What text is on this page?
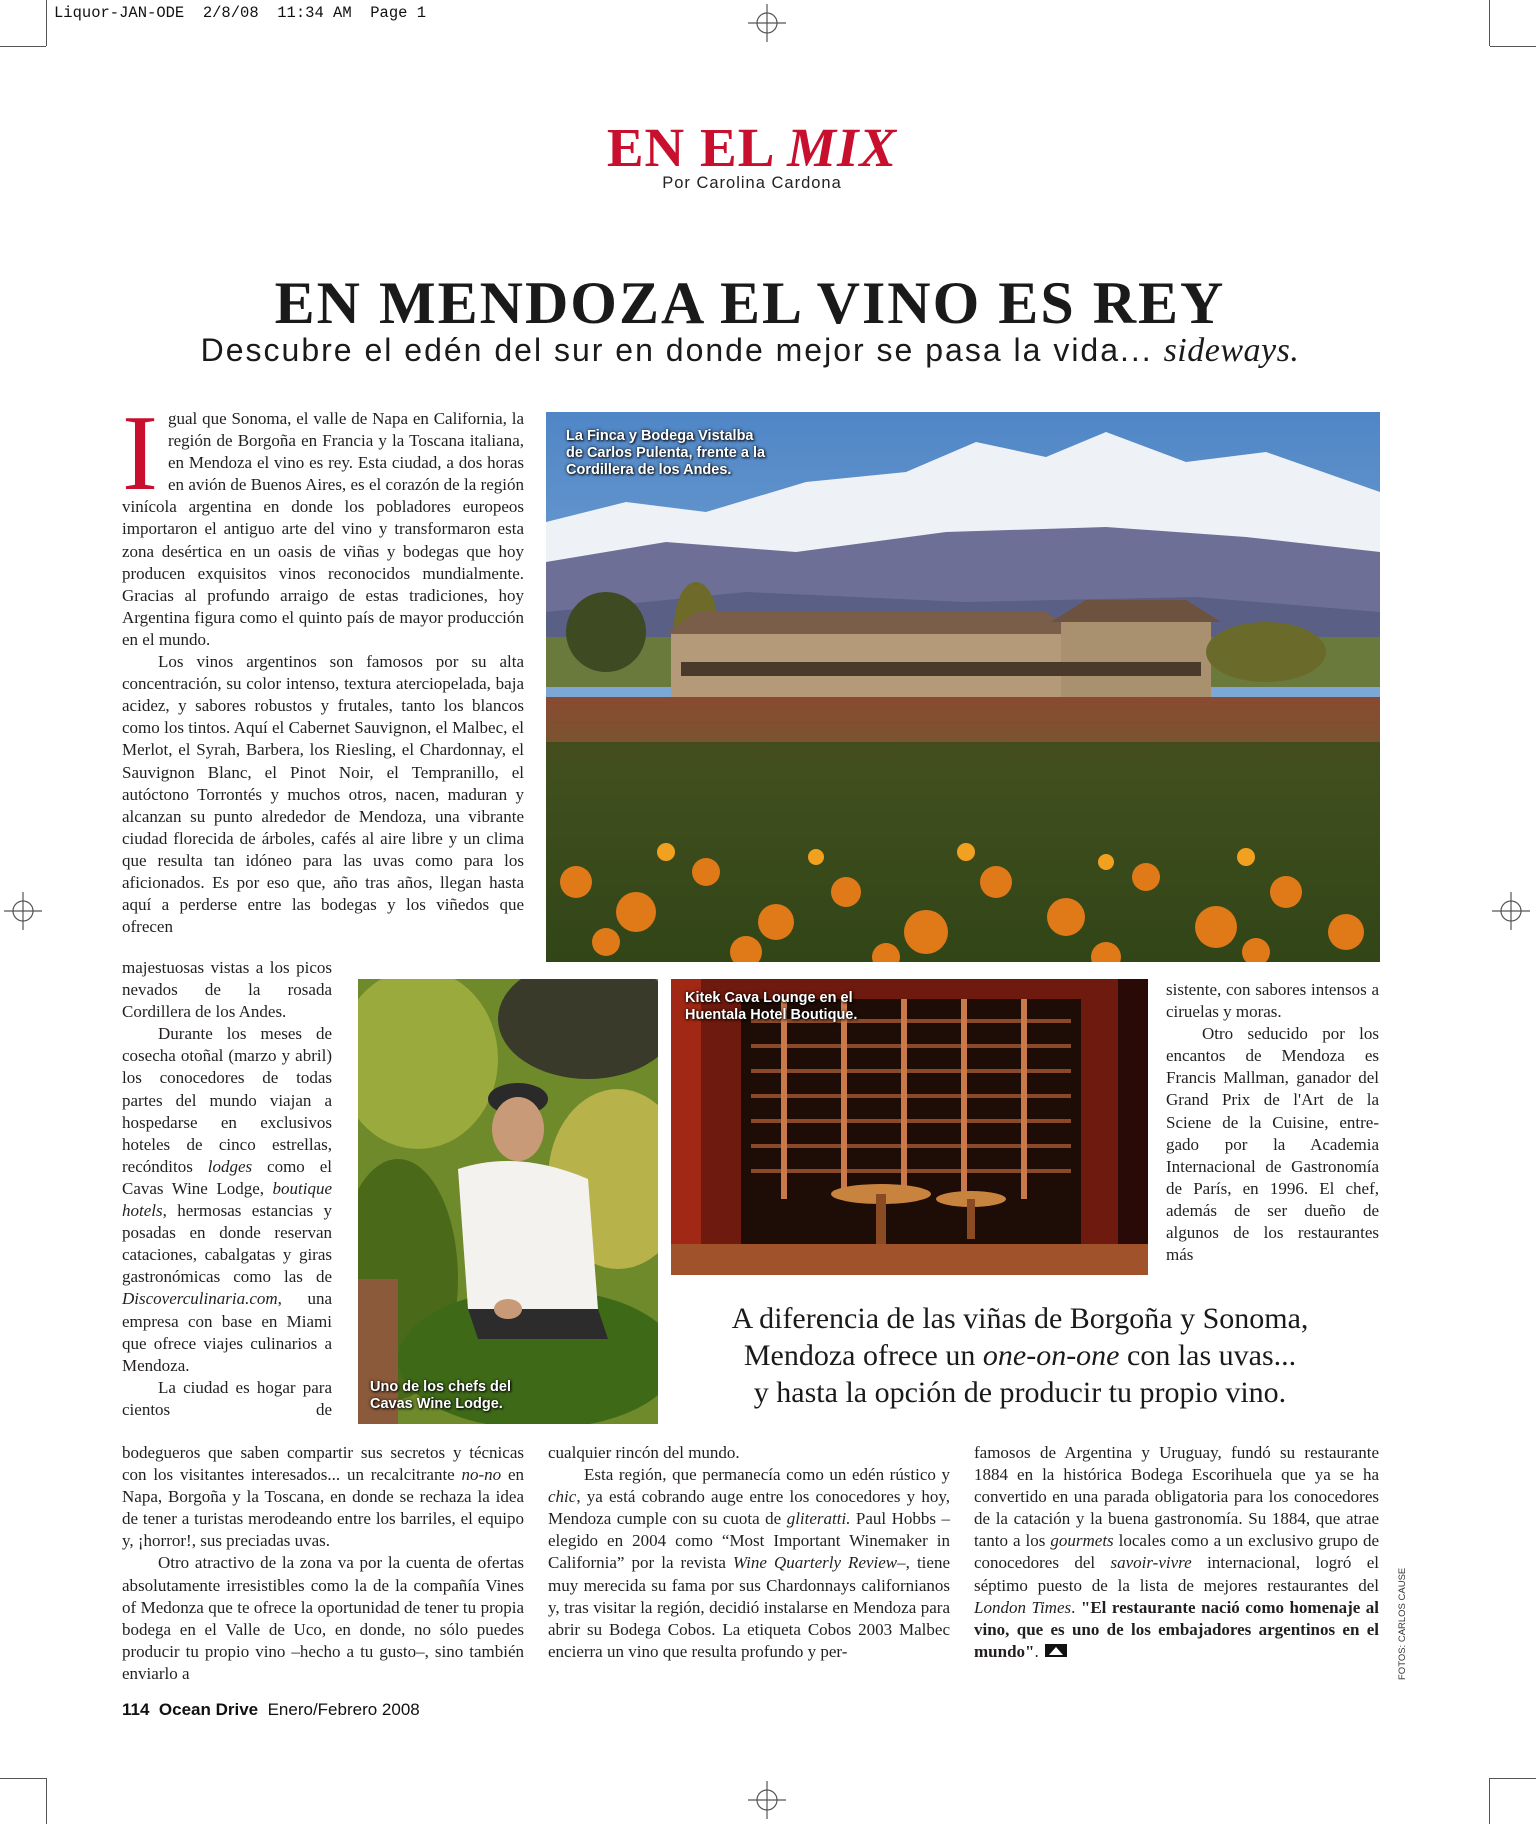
Liquor-JAN-ODE  2/8/08  11:34 AM  Page 1
EN EL MIX
Por Carolina Cardona
EN MENDOZA EL VINO ES REY
Descubre el edén del sur en donde mejor se pasa la vida... sideways.

Igual que Sonoma, el valle de Napa en California, la región de Borgoña en Francia y la Toscana italiana, en Mendoza el vino es rey. Esta ciudad, a dos horas en avión de Buenos Aires, es el corazón de la región vinícola argentina en donde los pobladores europeos importaron el antiguo arte del vino y transformaron esta zona desértica en un oasis de viñas y bodegas que hoy producen exquisitos vinos reconocidos mundialmente. Gracias al profundo arraigo de estas tradiciones, hoy Argentina figura como el quinto país de mayor producción en el mundo.

Los vinos argentinos son famosos por su alta concentración, su color intenso, textura aterciopelada, baja acidez, y sabores robustos y frutales, tanto los blancos como los tintos. Aquí el Cabernet Sauvignon, el Malbec, el Merlot, el Syrah, Barbera, los Riesling, el Chardonnay, el Sauvignon Blanc, el Pinot Noir, el Tempranillo, el autóctono Torrontés y muchos otros, nacen, maduran y alcanzan su punto alrededor de Mendoza, una vibrante ciudad florecida de árboles, cafés al aire libre y un clima que resulta tan idóneo para las uvas como para los aficionados. Es por eso que, año tras años, llegan hasta aquí a perderse entre las bodegas y los viñedos que ofrecen

majestuosas vistas a los picos nevados de la rosada Cordillera de los Andes.

Durante los meses de cosecha otoñal (marzo y abril) los conocedores de todas partes del mundo viajan a hospedarse en exclusivos hoteles de cinco estrellas, recónditos lodges como el Cavas Wine Lodge, boutique hotels, hermosas estancias y posadas en donde reservan cataciones, cabalgatas y giras gastronómicas como las de Discoverculinaria.com, una empresa con base en Miami que ofrece viajes culinarios a Mendoza.

La ciudad es hogar para cientos de

bodegueros que saben compartir sus secretos y técnicas con los visitantes interesados... un recalcitrante no-no en Napa, Borgoña y la Toscana, en donde se rechaza la idea de tener a turistas merodeando entre los barriles, el equipo y, ¡horror!, sus preciadas uvas.

Otro atractivo de la zona va por la cuenta de ofertas absolutamente irresistibles como la de la compañía Vines of Medonza que te ofrece la oportunidad de tener tu propia bodega en el Valle de Uco, en donde, no sólo puedes producir tu propio vino –hecho a tu gusto–, sino también enviarlo a

cualquier rincón del mundo.

Esta región, que permanecía como un edén rústico y chic, ya está cobrando auge entre los conocedores y hoy, Mendoza cumple con su cuota de gliteratti. Paul Hobbs –elegido en 2004 como “Most Important Winemaker in California” por la revista Wine Quarterly Review–, tiene muy merecida su fama por sus Chardonnays californianos y, tras visitar la región, decidió instalarse en Mendoza para abrir su Bodega Cobos. La etiqueta Cobos 2003 Malbec encierra un vino que resulta profundo y per-

sistente, con sabores intensos a ciruelas y moras.

Otro seducido por los encantos de Mendoza es Francis Mallman, ganador del Grand Prix de l'Art de la Sciene de la Cuisine, entregado por la Academia Internacional de Gastronomía de París, en 1996. El chef, además de ser dueño de algunos de los restaurantes más

famosos de Argentina y Uruguay, fundó su restaurante 1884 en la histórica Bodega Escorihuela que ya se ha convertido en una parada obligatoria para los conocedores de la catación y la buena gastronomía. Su 1884, que atrae tanto a los gourmets locales como a un exclusivo grupo de conocedores del savoir-vivre internacional, logró el séptimo puesto de la lista de mejores restaurantes del London Times. "El restaurante nació como homenaje al vino, que es uno de los embajadores argentinos en el mundo".

La Finca y Bodega Vistalba de Carlos Pulenta, frente a la Cordillera de los Andes.
Uno de los chefs del Cavas Wine Lodge.
Kitek Cava Lounge en el Huentala Hotel Boutique.
A diferencia de las viñas de Borgoña y Sonoma,
Mendoza ofrece un one-on-one con las uvas...
y hasta la opción de producir tu propio vino.
114 Ocean Drive Enero/Febrero 2008
FOTOS: CARLOS CAUSE
